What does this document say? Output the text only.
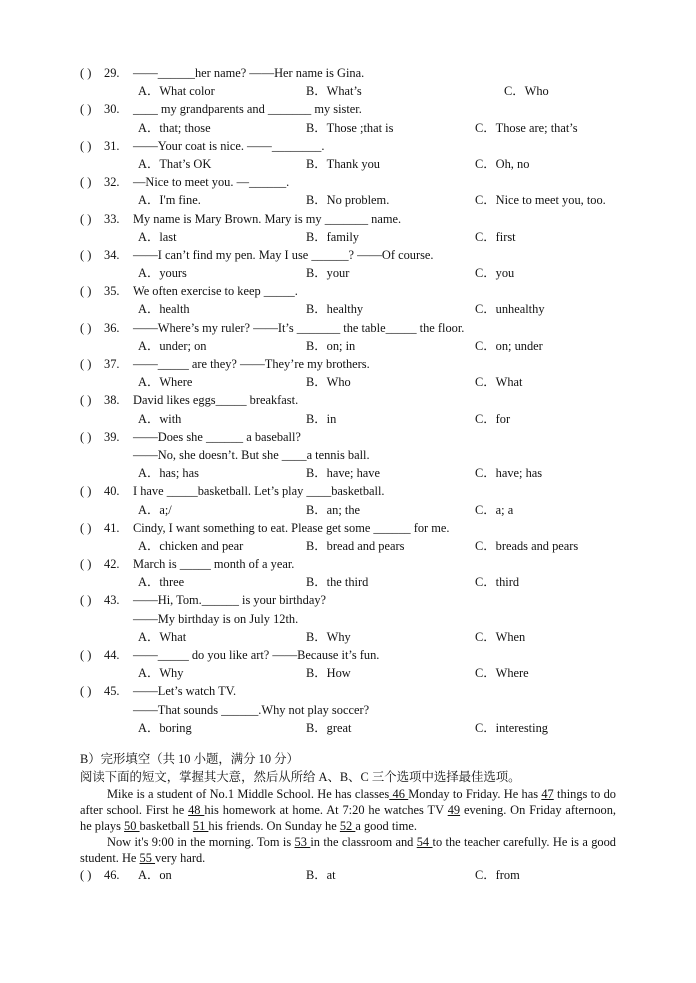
( ) 29. ——______her name? ——Her name is Gina.
A．What color	B．What’s	C．Who
( ) 30. ____ my grandparents and _______ my sister.
A．that; those	B．Those ;that is	C．Those are; that’s
( ) 31. ——Your coat is nice. ——________.
A．That’s OK	B．Thank you	C．Oh, no
( ) 32. —Nice to meet you. —______.
A．I'm fine.	B．No problem.	C．Nice to meet you, too.
( ) 33. My name is Mary Brown. Mary is my _______ name.
A．last	B．family	C．first
( ) 34. ——I can’t find my pen. May I use ______? ——Of course.
A．yours	B．your	C．you
( ) 35. We often exercise to keep _____.
A．health	B．healthy	C．unhealthy
( ) 36. ——Where’s my ruler? ——It’s _______ the table_____ the floor.
A．under; on	B．on; in	C．on; under
( ) 37. ——_____ are they? ——They’re my brothers.
A．Where	B．Who	C．What
( ) 38. David likes eggs_____ breakfast.
A．with	B．in	C．for
( ) 39. ——Does she ______ a baseball?
——No, she doesn’t. But she ____a tennis ball.
A．has; has	B．have; have	C．have; has
( ) 40. I have _____basketball. Let’s play ____basketball.
A．a;/	B．an; the	C．a; a
( ) 41. Cindy, I want something to eat. Please get some ______ for me.
A．chicken and pear	B．bread and pears	C．breads and pears
( ) 42. March is _____ month of a year.
A．three	B．the third	C．third
( ) 43. ——Hi, Tom.______ is your birthday?
——My birthday is on July 12th.
A．What	B．Why	C．When
( ) 44. ——_____ do you like art? ——Because it’s fun.
A．Why	B．How	C．Where
( ) 45. ——Let’s watch TV.
——That sounds ______.Why not play soccer?
A．boring	B．great	C．interesting
B）完形填空（共 10 小题，满分 10 分）
阅读下面的短文，掌握其大意，然后从所给 A、B、C 三个选项中选择最佳选项。
Mike is a student of No.1 Middle School. He has classes 46 Monday to Friday. He has 47 things to do after school. First he 48 his homework at home. At 7:20 he watches TV 49 evening. On Friday afternoon, he plays 50 basketball 51 his friends. On Sunday he 52 a good time.
Now it's 9:00 in the morning. Tom is 53 in the classroom and 54 to the teacher carefully. He is a good student. He 55 very hard.
( ) 46. A．on	B．at	C．from
